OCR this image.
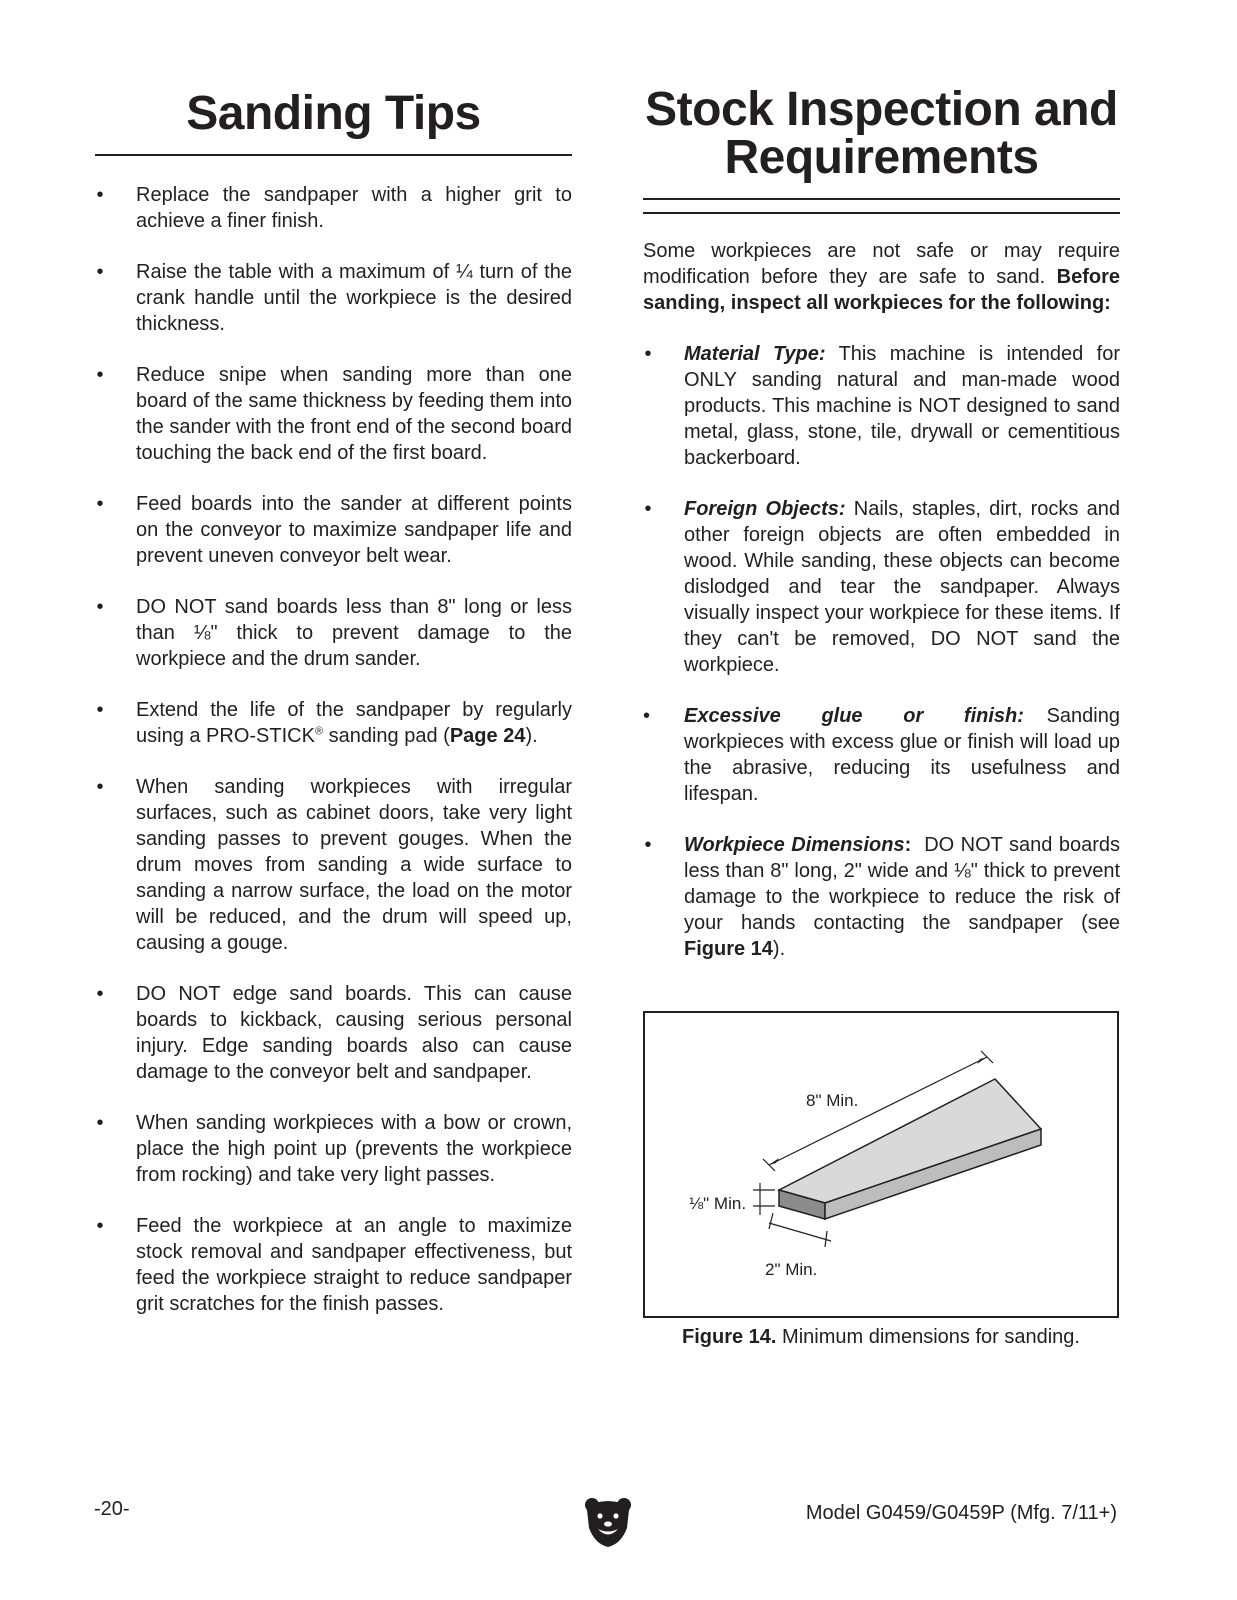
Sanding Tips
• Replace the sandpaper with a higher grit to achieve a finer finish.
• Raise the table with a maximum of ¼ turn of the crank handle until the workpiece is the desired thickness.
• Reduce snipe when sanding more than one board of the same thickness by feeding them into the sander with the front end of the second board touching the back end of the first board.
• Feed boards into the sander at different points on the conveyor to maximize sandpaper life and prevent uneven conveyor belt wear.
• DO NOT sand boards less than 8" long or less than ⅛" thick to prevent damage to the workpiece and the drum sander.
• Extend the life of the sandpaper by regularly using a PRO-STICK® sanding pad (Page 24).
• When sanding workpieces with irregular surfaces, such as cabinet doors, take very light sanding passes to prevent gouges. When the drum moves from sanding a wide surface to sanding a narrow surface, the load on the motor will be reduced, and the drum will speed up, causing a gouge.
• DO NOT edge sand boards. This can cause boards to kickback, causing serious personal injury. Edge sanding boards also can cause damage to the conveyor belt and sandpaper.
• When sanding workpieces with a bow or crown, place the high point up (prevents the workpiece from rocking) and take very light passes.
• Feed the workpiece at an angle to maximize stock removal and sandpaper effectiveness, but feed the workpiece straight to reduce sandpaper grit scratches for the finish passes.
Stock Inspection and
Requirements

Some workpieces are not safe or may require modification before they are safe to sand. Before sanding, inspect all workpieces for the following:

• Material Type: This machine is intended for ONLY sanding natural and man-made wood products. This machine is NOT designed to sand metal, glass, stone, tile, drywall or cementitious backerboard.
• Foreign Objects: Nails, staples, dirt, rocks and other foreign objects are often embedded in wood. While sanding, these objects can become dislodged and tear the sandpaper. Always visually inspect your workpiece for these items. If they can't be removed, DO NOT sand the workpiece.
• Excessive glue or finish: Sanding workpieces with excess glue or finish will load up the abrasive, reducing its usefulness and lifespan.
• Workpiece Dimensions:  DO NOT sand boards less than 8" long, 2" wide and ⅛" thick to prevent damage to the workpiece to reduce the risk of your hands contacting the sandpaper (see Figure 14).
8" Min.
⅛" Min.
2" Min.
Figure 14. Minimum dimensions for sanding.
-20-	Model G0459/G0459P (Mfg. 7/11+)
